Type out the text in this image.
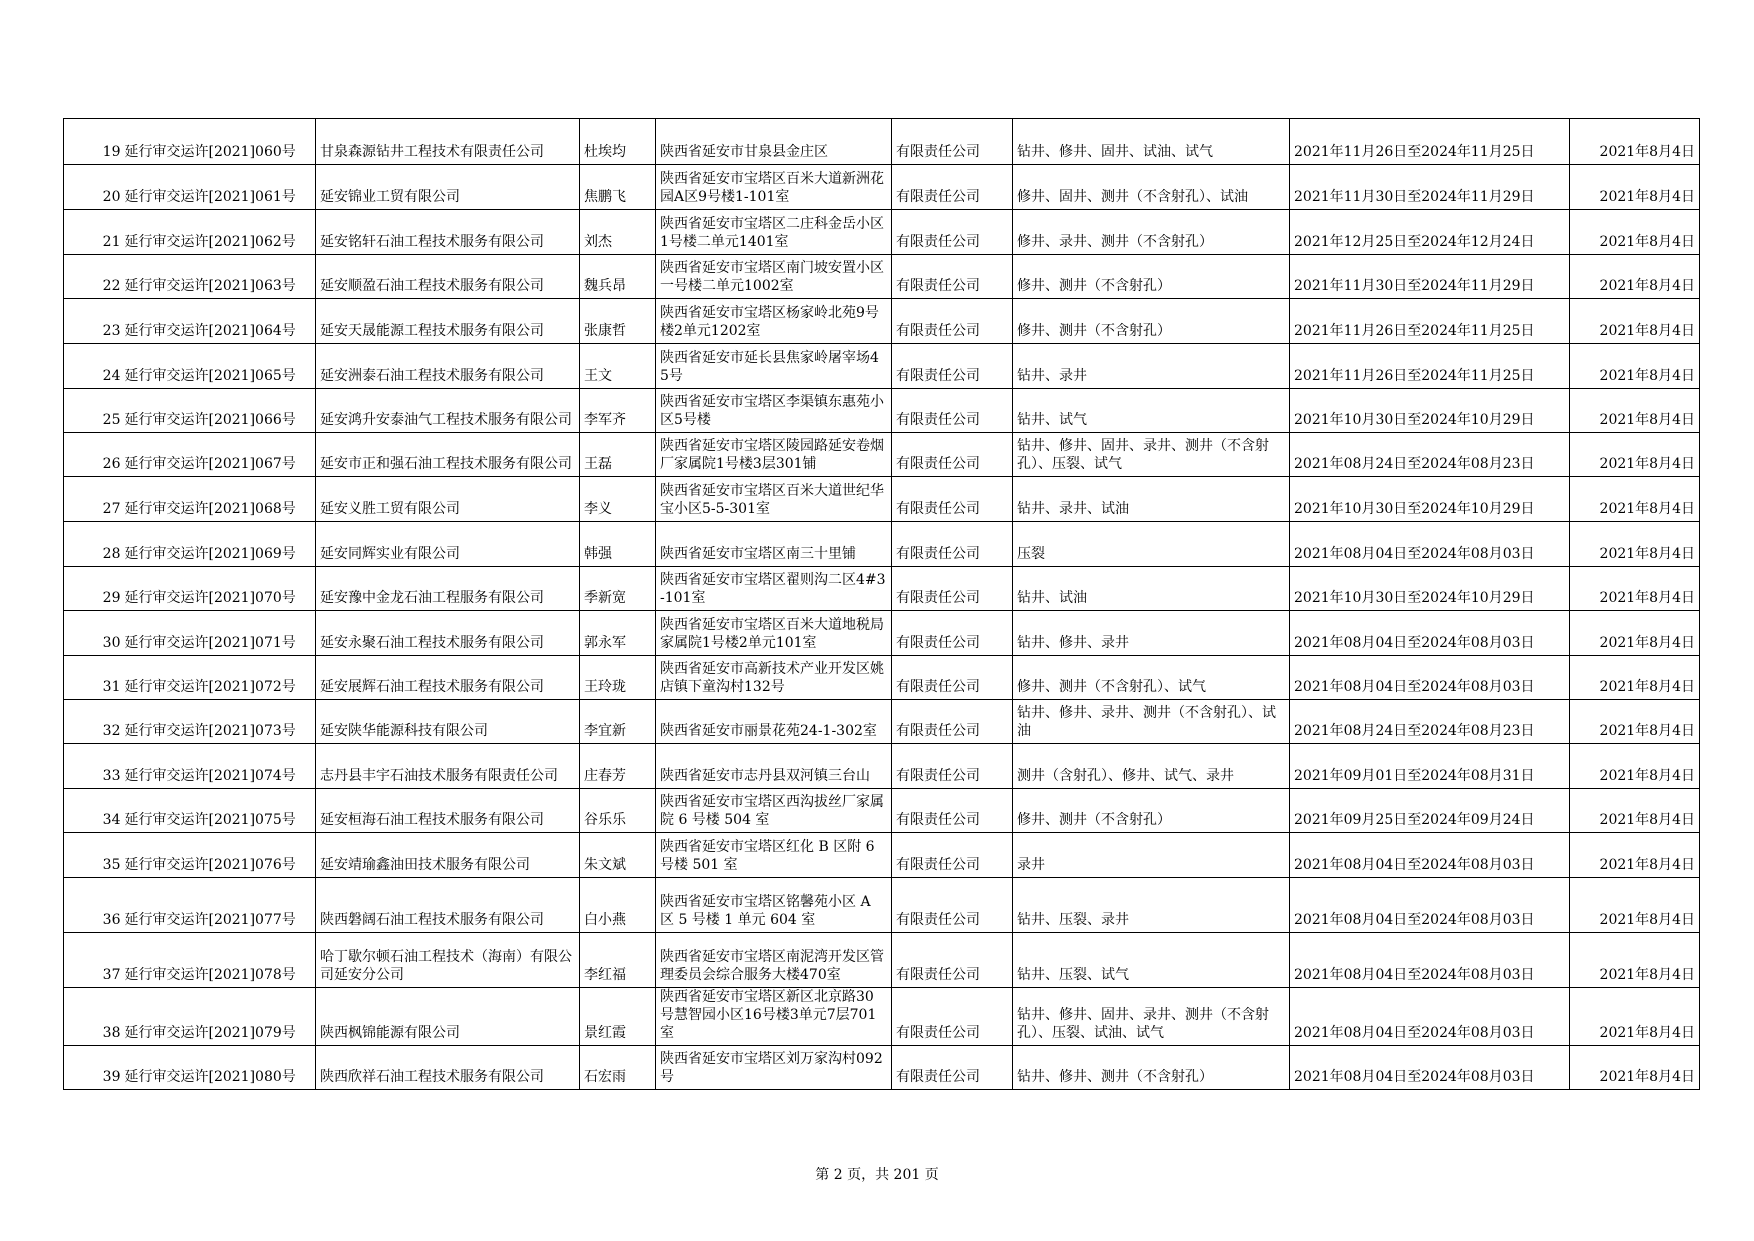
19	延行审交运许[2021]060号	甘泉森源钻井工程技术有限责任公司	杜埃均	陕西省延安市甘泉县金庄区	有限责任公司	钻井、修井、固井、试油、试气	2021年11月26日至2024年11月25日	2021年8月4日
20	延行审交运许[2021]061号	延安锦业工贸有限公司	焦鹏飞	陕西省延安市宝塔区百米大道新洲花园A区9号楼1-101室	有限责任公司	修井、固井、测井（不含射孔）、试油	2021年11月30日至2024年11月29日	2021年8月4日
21	延行审交运许[2021]062号	延安铭轩石油工程技术服务有限公司	刘杰	陕西省延安市宝塔区二庄科金岳小区1号楼二单元1401室	有限责任公司	修井、录井、测井（不含射孔）	2021年12月25日至2024年12月24日	2021年8月4日
22	延行审交运许[2021]063号	延安顺盈石油工程技术服务有限公司	魏兵昂	陕西省延安市宝塔区南门坡安置小区一号楼二单元1002室	有限责任公司	修井、测井（不含射孔）	2021年11月30日至2024年11月29日	2021年8月4日
23	延行审交运许[2021]064号	延安天晟能源工程技术服务有限公司	张康哲	陕西省延安市宝塔区杨家岭北苑9号楼2单元1202室	有限责任公司	修井、测井（不含射孔）	2021年11月26日至2024年11月25日	2021年8月4日
24	延行审交运许[2021]065号	延安洲泰石油工程技术服务有限公司	王文	陕西省延安市延长县焦家岭屠宰场45号	有限责任公司	钻井、录井	2021年11月26日至2024年11月25日	2021年8月4日
25	延行审交运许[2021]066号	延安鸿升安泰油气工程技术服务有限公司	李军齐	陕西省延安市宝塔区李渠镇东惠苑小区5号楼	有限责任公司	钻井、试气	2021年10月30日至2024年10月29日	2021年8月4日
26	延行审交运许[2021]067号	延安市正和强石油工程技术服务有限公司	王磊	陕西省延安市宝塔区陵园路延安卷烟厂家属院1号楼3层301铺	有限责任公司	钻井、修井、固井、录井、测井（不含射孔）、压裂、试气	2021年08月24日至2024年08月23日	2021年8月4日
27	延行审交运许[2021]068号	延安义胜工贸有限公司	李义	陕西省延安市宝塔区百米大道世纪华宝小区5-5-301室	有限责任公司	钻井、录井、试油	2021年10月30日至2024年10月29日	2021年8月4日
28	延行审交运许[2021]069号	延安同辉实业有限公司	韩强	陕西省延安市宝塔区南三十里铺	有限责任公司	压裂	2021年08月04日至2024年08月03日	2021年8月4日
29	延行审交运许[2021]070号	延安豫中金龙石油工程服务有限公司	季新宽	陕西省延安市宝塔区翟则沟二区4#3-101室	有限责任公司	钻井、试油	2021年10月30日至2024年10月29日	2021年8月4日
30	延行审交运许[2021]071号	延安永聚石油工程技术服务有限公司	郭永军	陕西省延安市宝塔区百米大道地税局家属院1号楼2单元101室	有限责任公司	钻井、修井、录井	2021年08月04日至2024年08月03日	2021年8月4日
31	延行审交运许[2021]072号	延安展辉石油工程技术服务有限公司	王玲珑	陕西省延安市高新技术产业开发区姚店镇下童沟村132号	有限责任公司	修井、测井（不含射孔）、试气	2021年08月04日至2024年08月03日	2021年8月4日
32	延行审交运许[2021]073号	延安陕华能源科技有限公司	李宜新	陕西省延安市丽景花苑24-1-302室	有限责任公司	钻井、修井、录井、测井（不含射孔）、试油	2021年08月24日至2024年08月23日	2021年8月4日
33	延行审交运许[2021]074号	志丹县丰宇石油技术服务有限责任公司	庄春芳	陕西省延安市志丹县双河镇三台山	有限责任公司	测井（含射孔）、修井、试气、录井	2021年09月01日至2024年08月31日	2021年8月4日
34	延行审交运许[2021]075号	延安桓海石油工程技术服务有限公司	谷乐乐	陕西省延安市宝塔区西沟拔丝厂家属院 6 号楼 504 室	有限责任公司	修井、测井（不含射孔）	2021年09月25日至2024年09月24日	2021年8月4日
35	延行审交运许[2021]076号	延安靖瑜鑫油田技术服务有限公司	朱文斌	陕西省延安市宝塔区红化 B 区附 6 号楼 501 室	有限责任公司	录井	2021年08月04日至2024年08月03日	2021年8月4日
36	延行审交运许[2021]077号	陕西磐阔石油工程技术服务有限公司	白小燕	陕西省延安市宝塔区铭馨苑小区 A 区 5 号楼 1 单元 604 室	有限责任公司	钻井、压裂、录井	2021年08月04日至2024年08月03日	2021年8月4日
37	延行审交运许[2021]078号	哈丁歇尔顿石油工程技术（海南）有限公司延安分公司	李红福	陕西省延安市宝塔区南泥湾开发区管理委员会综合服务大楼470室	有限责任公司	钻井、压裂、试气	2021年08月04日至2024年08月03日	2021年8月4日
38	延行审交运许[2021]079号	陕西枫锦能源有限公司	景红霞	陕西省延安市宝塔区新区北京路30号慧智园小区16号楼3单元7层701室	有限责任公司	钻井、修井、固井、录井、测井（不含射孔）、压裂、试油、试气	2021年08月04日至2024年08月03日	2021年8月4日
39	延行审交运许[2021]080号	陕西欣祥石油工程技术服务有限公司	石宏雨	陕西省延安市宝塔区刘万家沟村092号	有限责任公司	钻井、修井、测井（不含射孔）	2021年08月04日至2024年08月03日	2021年8月4日
第 2 页，共 201 页
